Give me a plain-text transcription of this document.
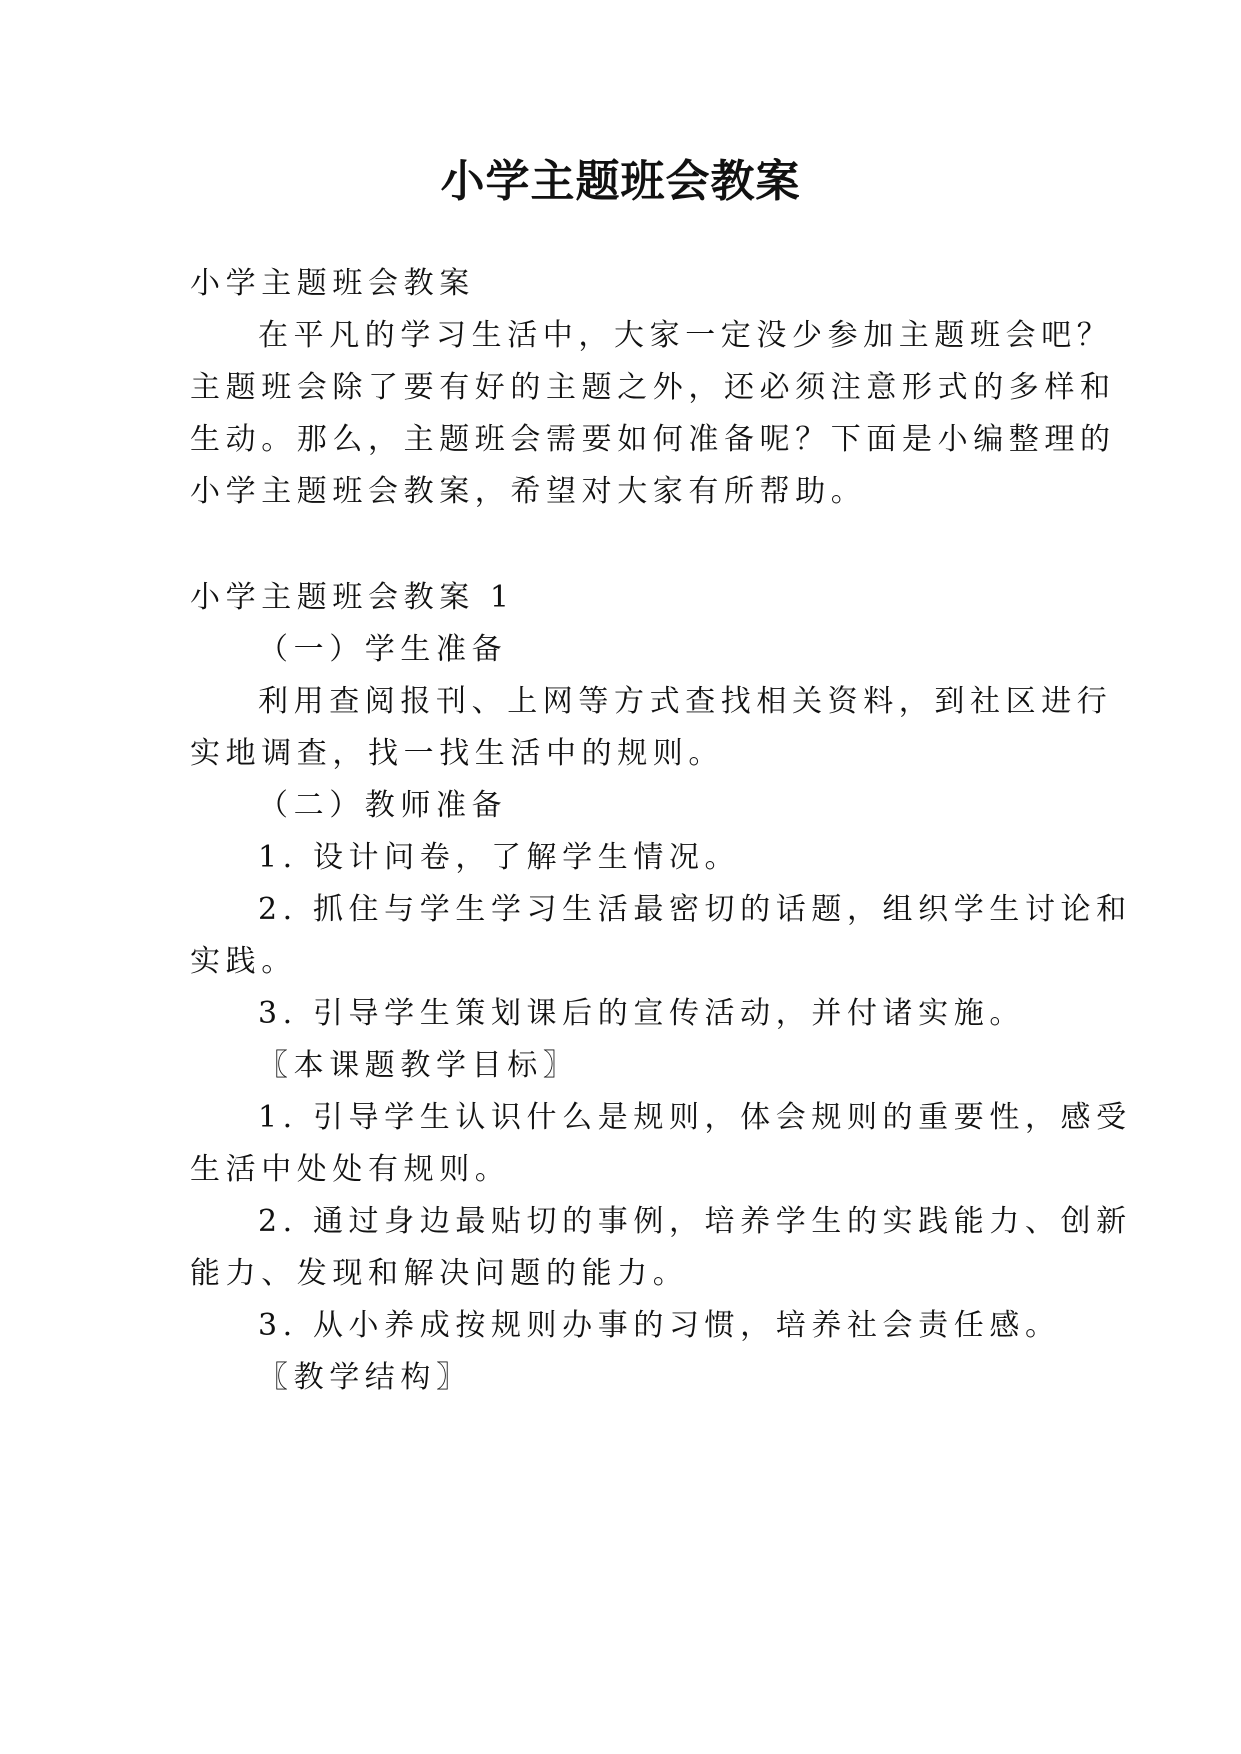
小学主题班会教案
小学主题班会教案
在平凡的学习生活中，大家一定没少参加主题班会吧？
主题班会除了要有好的主题之外，还必须注意形式的多样和
生动。那么，主题班会需要如何准备呢？下面是小编整理的
小学主题班会教案，希望对大家有所帮助。
小学主题班会教案 1
（一）学生准备
利用查阅报刊、上网等方式查找相关资料，到社区进行
实地调查，找一找生活中的规则。
（二）教师准备
1. 设计问卷，了解学生情况。
2. 抓住与学生学习生活最密切的话题，组织学生讨论和
实践。
3. 引导学生策划课后的宣传活动，并付诸实施。
〖本课题教学目标〗
1. 引导学生认识什么是规则，体会规则的重要性，感受
生活中处处有规则。
2. 通过身边最贴切的事例，培养学生的实践能力、创新
能力、发现和解决问题的能力。
3. 从小养成按规则办事的习惯，培养社会责任感。
〖教学结构〗
